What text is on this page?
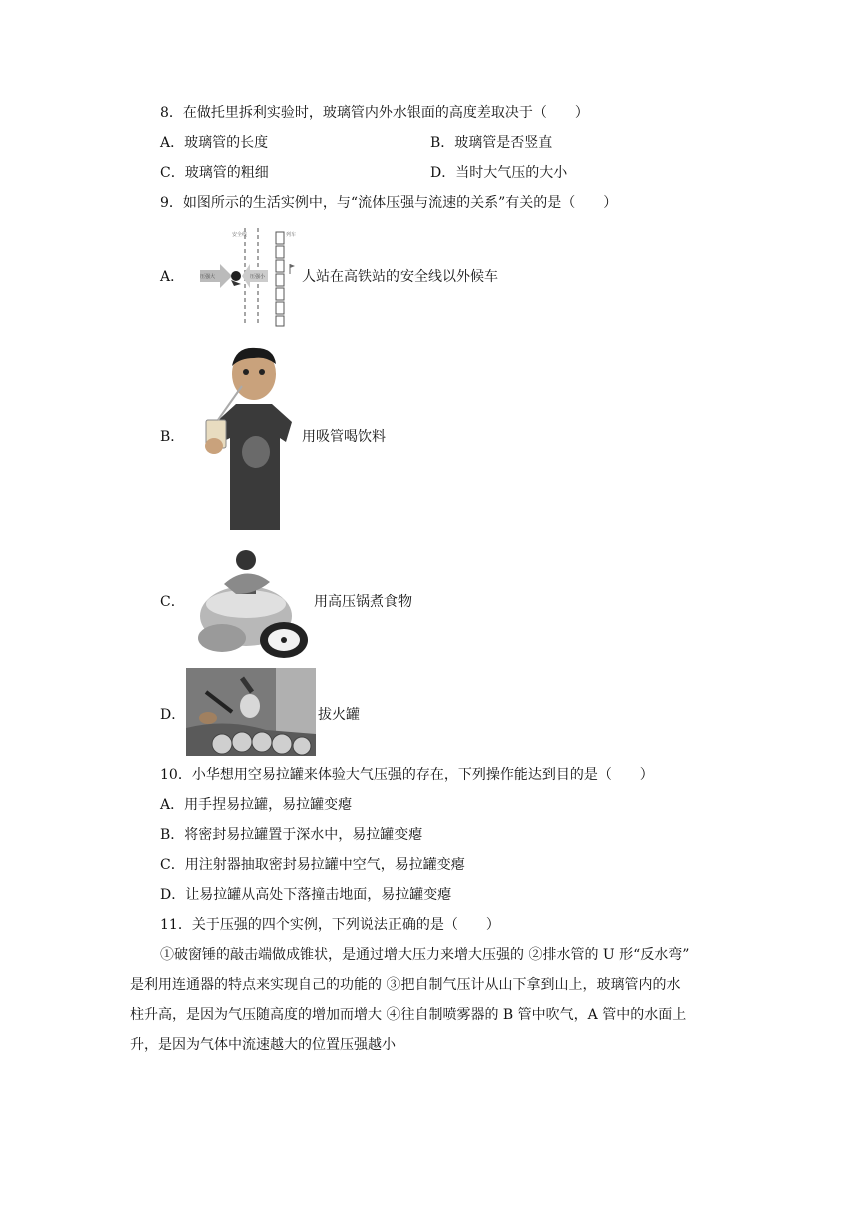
8．在做托里拆利实验时，玻璃管内外水银面的高度差取决于（　　）
A．玻璃管的长度	B．玻璃管是否竖直
C．玻璃管的粗细	D．当时大气压的大小
9．如图所示的生活实例中，与“流体压强与流速的关系”有关的是（　　）
A．
安全线	列车
压强大	压强小	人站在高铁站的安全线以外候车
B．	用吸管喝饮料
C．	用高压锅煮食物
D．	拔火罐
10．小华想用空易拉罐来体验大气压强的存在，下列操作能达到目的是（　　）
A．用手捏易拉罐，易拉罐变瘪
B．将密封易拉罐置于深水中，易拉罐变瘪
C．用注射器抽取密封易拉罐中空气，易拉罐变瘪
D．让易拉罐从高处下落撞击地面，易拉罐变瘪
11．关于压强的四个实例，下列说法正确的是（　　）
①破窗锤的敲击端做成锥状，是通过增大压力来增大压强的 ②排水管的 U 形“反水弯”
是利用连通器的特点来实现自己的功能的 ③把自制气压计从山下拿到山上，玻璃管内的水
柱升高，是因为气压随高度的增加而增大 ④往自制喷雾器的 B 管中吹气，A 管中的水面上
升，是因为气体中流速越大的位置压强越小
